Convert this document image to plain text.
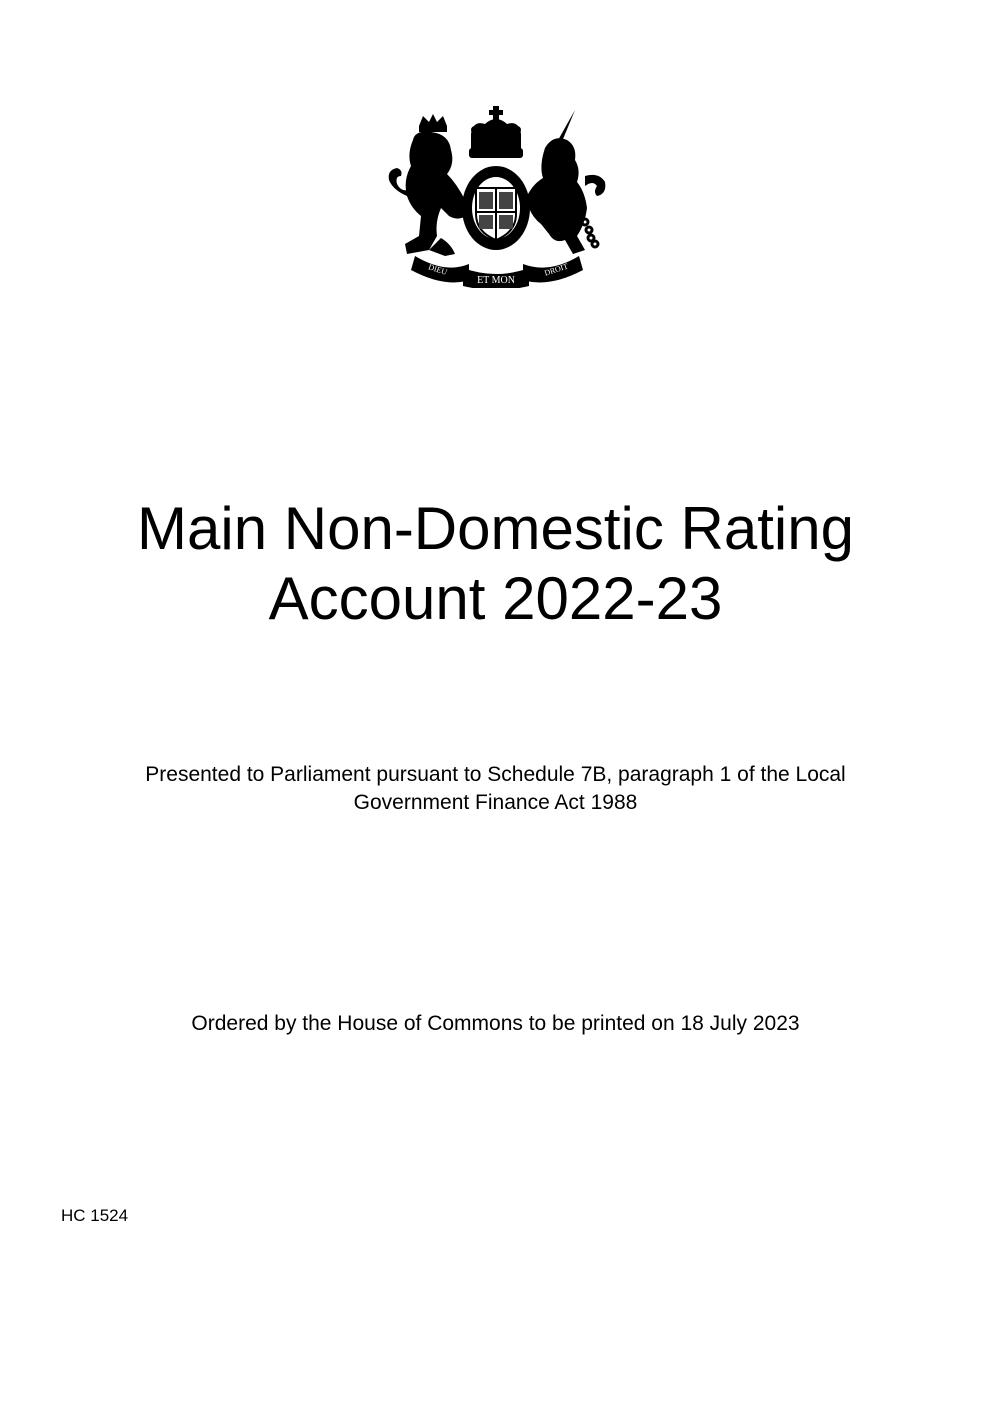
ET MON
DIEU	DROIT
Main Non-Domestic Rating
Account 2022-23

Presented to Parliament pursuant to Schedule 7B, paragraph 1 of the Local
Government Finance Act 1988

Ordered by the House of Commons to be printed on 18 July 2023

HC 1524
